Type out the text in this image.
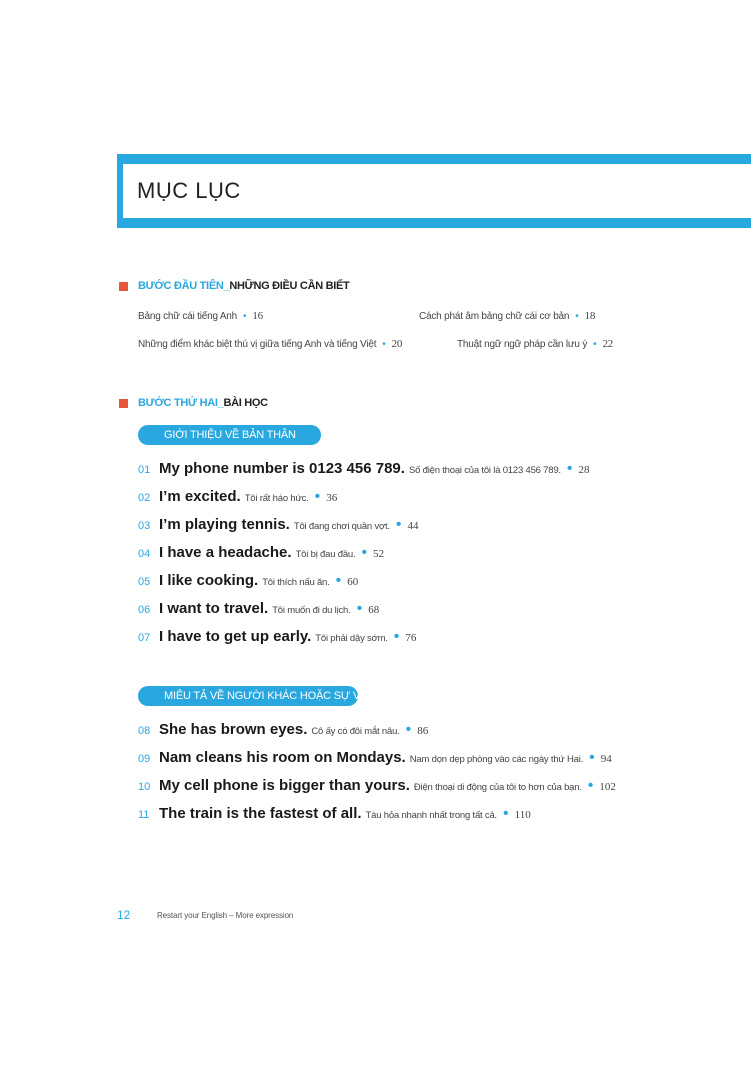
MỤC LỤC
BƯỚC ĐẦU TIÊN _ NHỮNG ĐIỀU CẦN BIẾT
Bảng chữ cái tiếng Anh • 16	Cách phát âm bảng chữ cái cơ bản • 18
Những điểm khác biệt thú vị giữa tiếng Anh và tiếng Việt • 20	Thuật ngữ ngữ pháp cần lưu ý • 22
BƯỚC THỨ HAI _ BÀI HỌC
GIỚI THIỆU VỀ BẢN THÂN
01 My phone number is 0123 456 789. Số điện thoại của tôi là 0123 456 789. • 28
02 I’m excited. Tôi rất háo hức. • 36
03 I’m playing tennis. Tôi đang chơi quần vợt. • 44
04 I have a headache. Tôi bị đau đầu. • 52
05 I like cooking. Tôi thích nấu ăn. • 60
06 I want to travel. Tôi muốn đi du lịch. • 68
07 I have to get up early. Tôi phải dậy sớm. • 76
MIÊU TẢ VỀ NGƯỜI KHÁC HOẶC SỰ VẬT
08 She has brown eyes. Cô ấy có đôi mắt nâu. • 86
09 Nam cleans his room on Mondays. Nam dọn dẹp phòng vào các ngày thứ Hai. • 94
10 My cell phone is bigger than yours. Điện thoại di động của tôi to hơn của bạn. • 102
11 The train is the fastest of all. Tàu hỏa nhanh nhất trong tất cả. • 110
12	Restart your English – More expression
